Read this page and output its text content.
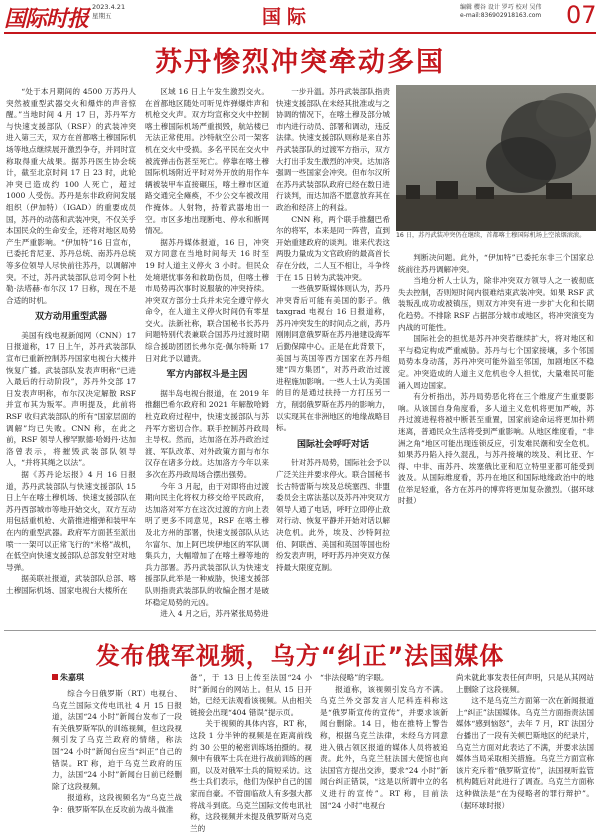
国际时报 2023.4.21
星期五	国际	编辑 樱谷 设计 罗巧 校对 吴伟
e-mail:836902918163.com 07
苏丹惨烈冲突牵动多国

“处于本月期间的 4500 万苏丹人突然被重型武器交火和爆炸的声音惊醒。”当地时间 4 月 17 日，苏丹军方与快速支援部队（RSF）的武装冲突进入第三天，双方在首都喀土穆国际机场等地点继续展开激烈争夺，并同时宣称取得重大战果。据苏丹医生协会统计，截至北京时间 17 日 23 时，此轮冲突已造成约 100 人死亡，超过 1000 人受伤。苏丹是东非政府间发展组织（伊加特）（IGAD）的重要成员国，苏丹的动荡和武装冲突，不仅关乎本国民众的生命安全，还将对地区局势产生严重影响。“伊加特”16 日宣布，已委托肯尼亚、苏丹总统、南苏丹总统等多位领导人尽快前往苏丹，以调解冲突。不过，苏丹武装部队总司令阿卜杜勒·法塔赫·布尔汉 17 日称，现在不是合适的时机。

双方动用重型武器

美国有线电视新闻网（CNN）17 日报道称，17 日上午，苏丹武装部队宣布已重新控制苏丹国家电视台大楼并恢复广播。武装部队发表声明称“已进入最后的行动阶段”，苏丹外交部 17 日发表声明称，布尔汉决定解散 RSF 并宣布其为叛军。声明提及，此前将 RSF 收归武装部队的所有“国家层面的调解”均已失败。CNN 称，在此之前，RSF 领导人穆罕默德·哈姆丹·达加洛曾表示，将摧毁武装部队领导人，“并将其绳之以法”。

据《苏丹论坛报》4 月 16 日报道，苏丹武装部队与快速支援部队 15 日上午在喀土穆机场、快速支援部队在苏丹西部城市等地开始交火，双方互动用包括重机枪、火箭推进榴弹和装甲车在内的重型武器。政府军方面甚至派出喷一一架可以正常飞行的“米格”战机，在低空向快速支援部队总部发射空对地导弹。

据美联社报道，武装部队总部、喀土穆国际机场、国家电视台大楼所在

区域 16 日上午发生激烈交火。在首都地区随处可听见炸弹爆炸声和机枪交火声。双方均宣称交火中控制喀土穆国际机场严重损毁，航站楼已无法正常使用。沙特航空公司一架客机在交火中受损。多名平民在交火中被流弹击伤甚至死亡。停靠在喀土穆国际机场附近平时对外开放的用作车辆被装甲车直接碾压，喀土穆市区道路交通完全瘫痪，不少公交车被改用作掩体。人射物，持着武器地出一空。市区多地出现断电、停水和断网情况。

据苏丹媒体报道，16 日，冲突双方同意在当地时间每天 16 时至 19 时人道主义停火 3 小时。但民众处境堪忧事务和救助伤员，但喀土穆市局势再次事时说服敏的冲突持续。冲突双方部分士兵并未完全遵守停火命令，在人道主义停火时间仍有零星交火。法新社称，联合国秘书长苏丹问题特别代表兼联合国苏丹过渡时期综合援助团团长弗尔克·佩尔特斯 17 日对此予以谴责。

军方内部权斗是主因

据半岛电视台报道，在 2019 年推翻巴希尔政府和 2021 年解散哈姆杜克政府过程中，快速支援部队与苏丹军方密切合作。联手控制苏丹政局主导权。然而，达加洛在苏丹政治过渡、军队改革、对外政策方面与布尔汉存在诸多分歧。达加洛方今年以来多次在苏丹政局场合摆出强势。

今年 3 月起，由于对即将由过渡期向民主化将权力移交给平民政府，达加洛对军方在这次过渡的方向上表明了更多不同意见，RSF 在喀土穆及北方州的部署，快速支援部队从达尔富尔、加上阿巴埃伊地区的军队调集兵力，大幅增加了在喀土穆等地的兵力部署。苏丹武装部队认为快速支援部队此举是一种威胁，快速支援部队则指责武装部队的收编企图才是破坏稳定局势的元凶。

进入 4 月之后，苏丹紧张局势进

一步升温。苏丹武装部队指责快速支援部队在未经其批准或与之协调的情况下，在喀土穆及部分城市内进行动员、部署和调动，违反法律。快速支援部队则称是来自苏丹武装部队的过渡军方指示，双方大打出手发生激烈的冲突。达加洛强调一些国家会冲突。但布尔汉所在苏丹武装部队政府已经在数日进行谈判，而达加洛不愿意放弃其在政治和经济上的利益。

CNN 称，两个联手推翻巴希尔的将军，本来是同一阵营，直到开始重建政府的谈判。谁来代表这两股力量成为文官政府的最高首长存在分歧，二人互不相让，斗争终于在 15 日转为武装冲突。

一些俄罗斯媒体则认为，苏丹冲突背后可能有美国的影子。俄 taxgrad 电视台 16 日报道称，苏丹冲突发生的时间点之前，苏丹刚刚同意俄罗斯在苏丹港建设海军后勤保障中心。正是在此背景下，美国与英国等西方国家在苏丹组建“四方集团”，对苏丹政治过渡进程施加影响。一些人士认为美国的目的是通过扶持一方打压另一方，削弱俄罗斯在苏丹的影响力，以实现其在非洲地区的地缘战略目标。

国际社会呼吁对话

针对苏丹局势，国际社会予以广泛关注并要求停火。联合国秘书长古特雷斯与埃及总统塞西、非盟委员会主席法基以及苏丹冲突双方领导人通了电话，呼吁立即停止敌对行动、恢复平静并开始对话以解决危机。此外，埃及、沙特阿拉伯、阿联酋、美国和英国等国也纷纷发表声明，呼吁苏丹冲突双方保持最大限度克制。

16 日，苏丹武装冲突仍在继续，首都喀土穆国际机场上空浓烟滚滚。

判断决问题。此外，“伊加特”已委托东非三个国家总统前往苏丹调解冲突。

当地分析人士认为，除非冲突双方领导人之一被彻底失去控制，否则短时间内很难结束武装冲突。如果 RSF 武装叛乱成功或被镇压，则双方冲突有进一步扩大化和长期化趋势。不排除 RSF 占据部分城市或地区，将冲突演变为内战的可能性。

国际社会的担忧是苏丹冲突若继续扩大，将对地区和平与稳定构成严重威胁。苏丹与七个国家接壤，多个邻国局势本身动荡，苏丹冲突可能外溢至邻国，加剧地区不稳定。冲突造成的人道主义危机也令人担忧，大量难民可能涌入周边国家。

有分析指出，苏丹局势恶化将在三个维度产生重要影响。从该国自身角度看，多人道主义危机将更加严峻，苏丹过渡进程将被中断甚至重置，国家前途命运将更加扑朔迷离，普通民众生活将受到严重影响。从地区维度看，“非洲之角”地区可能出现连锁反应，引发难民潮和安全危机。如果苏丹陷入持久混乱，与苏丹接壤的埃及、利比亚、乍得、中非、南苏丹、埃塞俄比亚和厄立特里亚都可能受到波及。从国际维度看，苏丹在地区和国际地缘政治中的地位举足轻重，各方在苏丹的博弈将更加复杂激烈。（据环球时报）

发布俄军视频，乌方“纠正”法国媒体
朱嘉琪

综合今日俄罗斯（RT）电视台、乌克兰国际文传电讯社 4 月 15 日报道，法国“24 小时”新闻台发布了一段有关俄罗斯军队的训练视频，但这段视频引发了乌克兰政府的情绪，称法国“24 小时”新闻台应当“纠正”自己的错误。RT 称，迫于乌克兰政府的压力，法国“24 小时”新闻台日前已经删除了这段视频。

报道称，这段视频名为“乌克兰战争：俄罗斯军队在反攻前为战斗做准

备”，于 13 日上传至法国“24 小时”新闻台的网站上。但从 15 日开始，已经无法观看该视频。从由相关链接会出现“404 错误”提示页。

关于视频的具体内容，RT 称，这段 1 分半钟的视频是在距离前线约 30 公里的秘密训练场拍摄的。视频中有俄军士兵在进行战前训练的画面，以及对俄军士兵的简短采访。这些士兵们表示，他们为保护自己的国家而自豪。不管面临敌人有多强大都将战斗到底。乌克兰国际文传电讯社称，这段视频并未提及俄罗斯对乌克兰的

“非法侵略”的字眼。

报道称，该视频引发乌方不满。乌克兰外交部发言人尼科连科称这是“俄罗斯宣传的宣传”，并要求该新闻台删除。14 日，他在推特上警告称，根据乌克兰法律，未经乌方同意进入俄占领区报道的媒体人员将被追责。此外，乌克兰驻法国大使馆也向法国官方提出交涉，要求“24 小时”新闻台纠正错误，“这是以所谓中立的名义进行的宣传”。RT 称，目前法国“24 小时”电视台

尚未就此事发表任何声明，只是从其网站上删除了这段视频。

这不是乌克兰方面第一次在新闻报道上“纠正”法国媒体。乌克兰方面指责法国媒体“感到恼怒”，去年 7 月，RT 法国分台播出了一段有关顿巴斯地区的纪录片，乌克兰方面对此表达了不满，并要求法国媒体当局采取相关措施。乌克兰方面宣称该片充斥着“俄罗斯宣传”，法国视听监管机构随后对此进行了调查。乌克兰方面称这种做法是“在为侵略者的罪行辩护”。（据环球时报）
